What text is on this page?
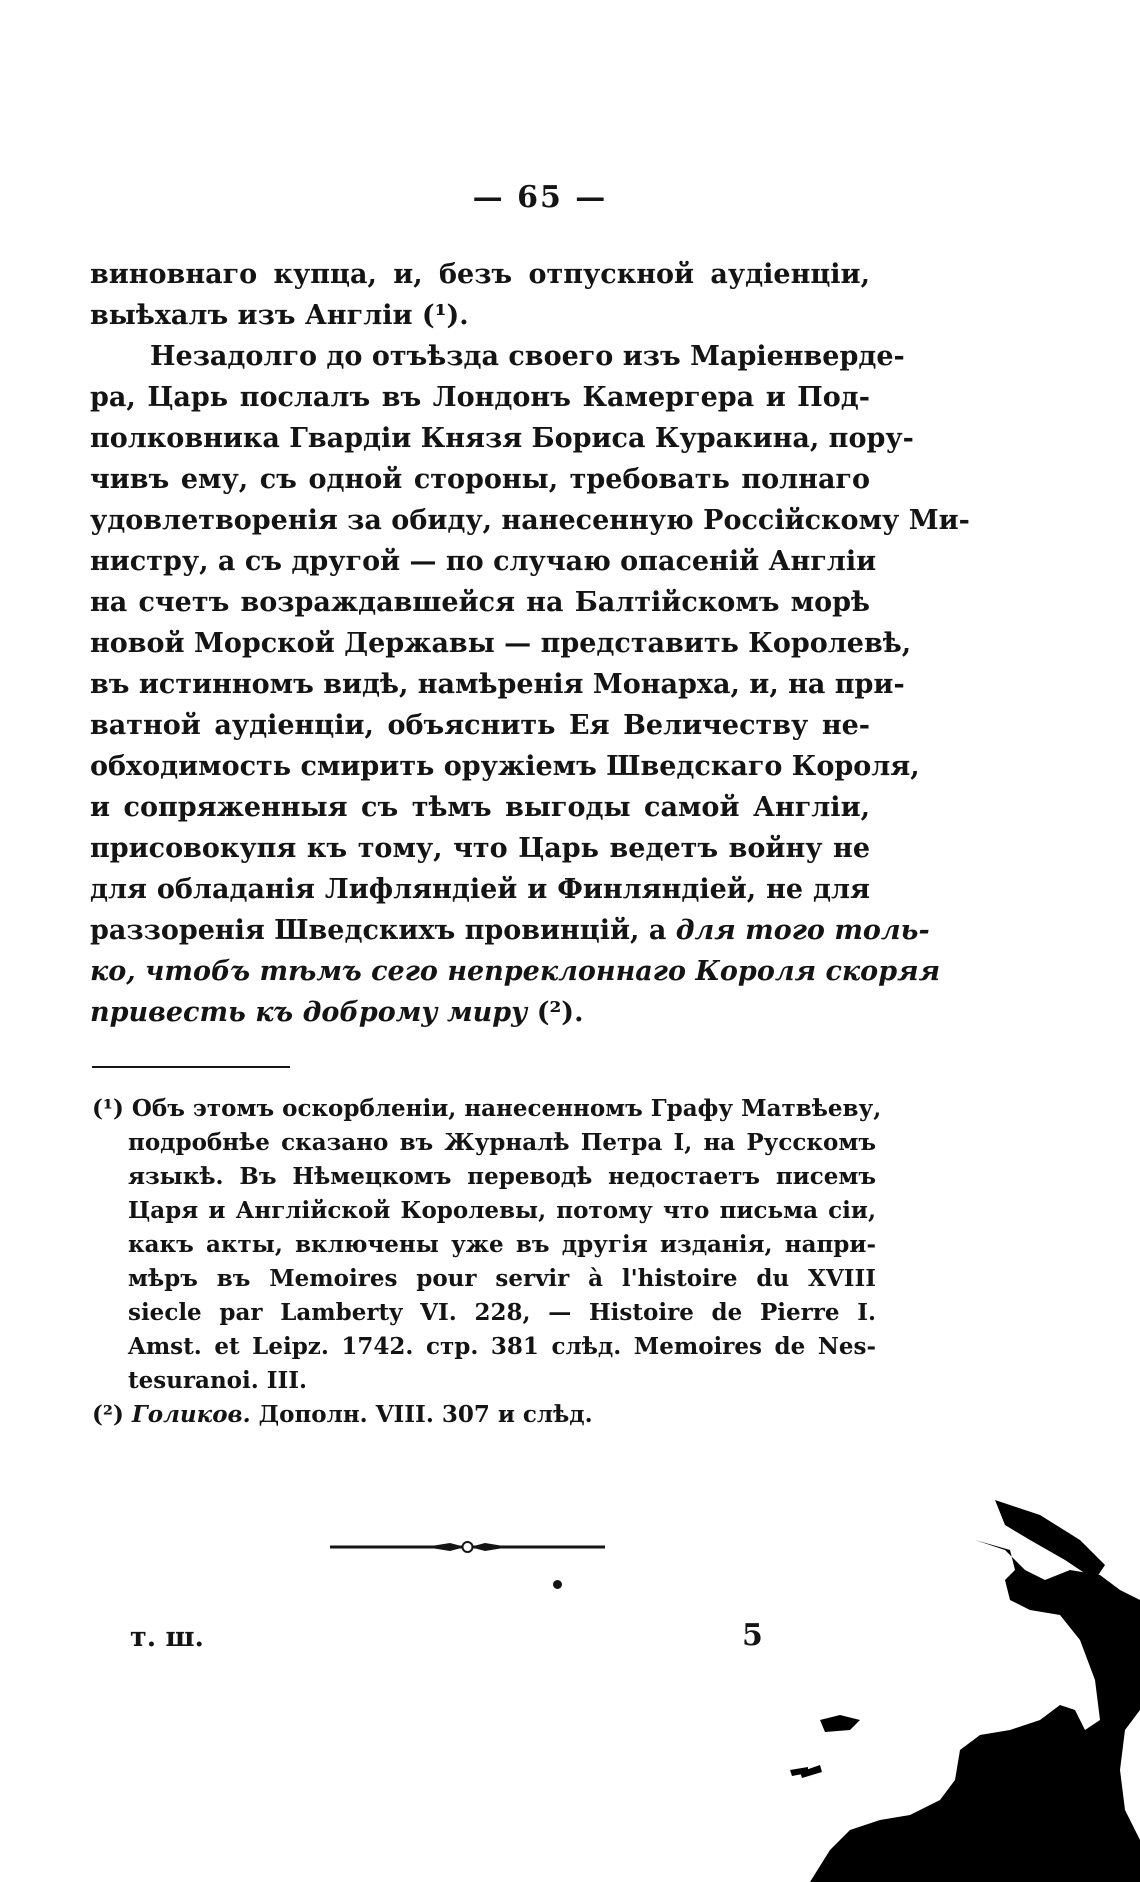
— 65 —
виновнаго купца, и, безъ отпускной аудіенціи,
выѣхалъ изъ Англіи (¹).
Незадолго до отъѣзда своего изъ Маріенверде-
ра, Царь послалъ въ Лондонъ Камергера и Под-
полковника Гвардіи Князя Бориса Куракина, пору-
чивъ ему, съ одной стороны, требовать полнаго
удовлетворенія за обиду, нанесенную Россійскому Ми-
нистру, а съ другой — по случаю опасеній Англіи
на счетъ возраждавшейся на Балтійскомъ морѣ
новой Морской Державы — представить Королевѣ,
въ истинномъ видѣ, намѣренія Монарха, и, на при-
ватной аудіенціи, объяснить Ея Величеству не-
обходимость смирить оружіемъ Шведскаго Короля,
и сопряженныя съ тѣмъ выгоды самой Англіи,
присовокупя къ тому, что Царь ведетъ войну не
для обладанія Лифляндіей и Финляндіей, не для
раззоренія Шведскихъ провинцій, а для того толь-
ко, чтобъ тѣмъ сего непреклоннаго Короля скоряя
привесть къ доброму миру (²).
(¹) Объ этомъ оскорбленіи, нанесенномъ Графу Матвѣеву,
подробнѣе сказано въ Журналѣ Петра I, на Русскомъ
языкѣ. Въ Нѣмецкомъ переводѣ недостаетъ писемъ
Царя и Англійской Королевы, потому что письма сіи,
какъ акты, включены уже въ другія изданія, напри-
мѣръ въ Memoires pour servir à l'histoire du XVIII
siecle par Lamberty VI. 228, — Histoire de Pierre I.
Amst. et Leipz. 1742. стр. 381 слѣд. Memoires de Nes-
tesuranoi. III.
(²) Голиков. Дополн. VIII. 307 и слѣд.
т. ш.	5
